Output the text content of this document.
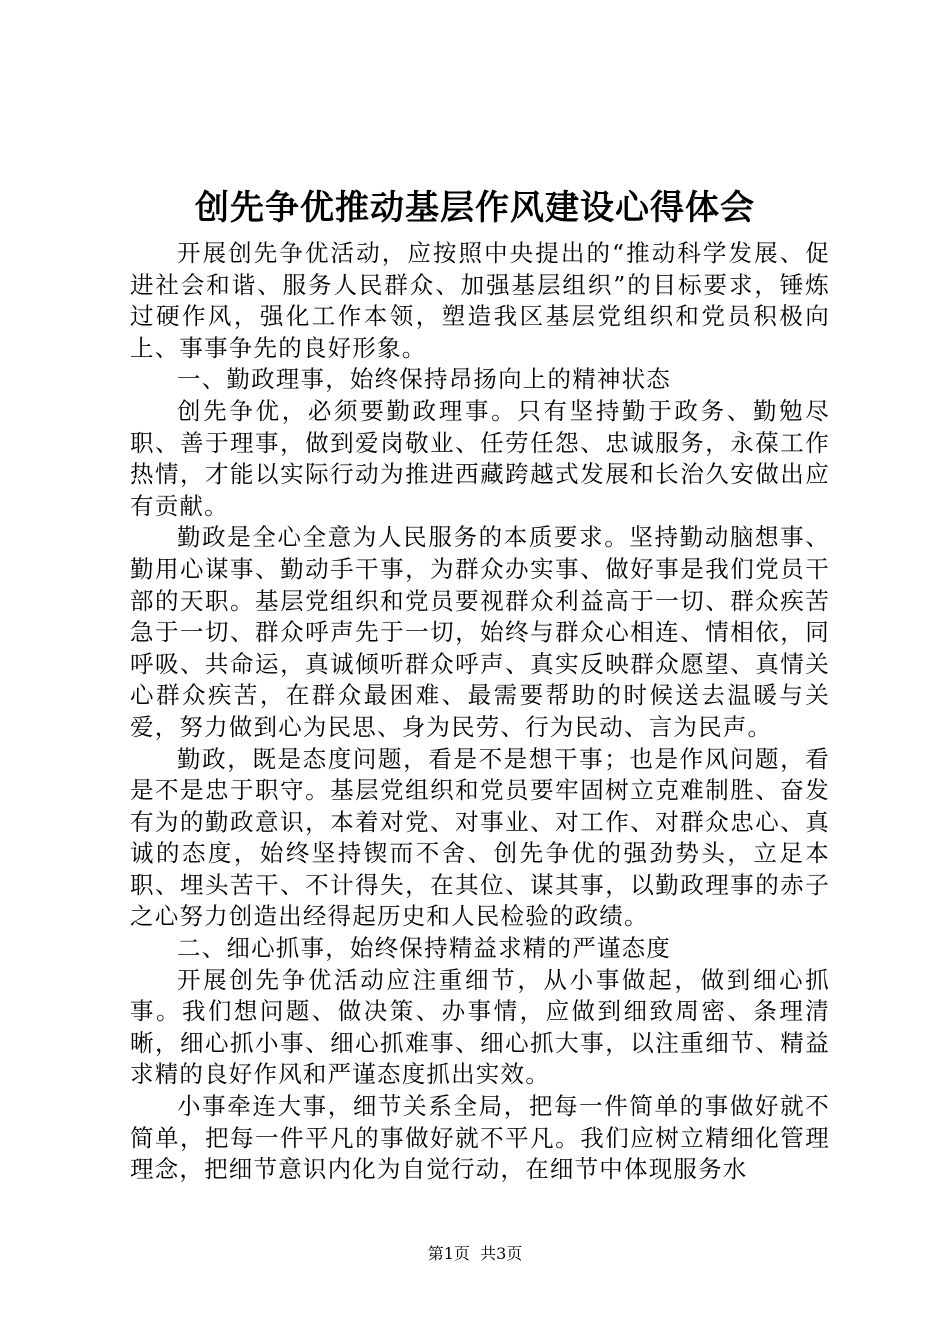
创先争优推动基层作风建设心得体会

开展创先争优活动，应按照中央提出的“推动科学发展、促进社会和谐、服务人民群众、加强基层组织”的目标要求，锤炼过硬作风，强化工作本领，塑造我区基层党组织和党员积极向上、事事争先的良好形象。

一、勤政理事，始终保持昂扬向上的精神状态

创先争优，必须要勤政理事。只有坚持勤于政务、勤勉尽职、善于理事，做到爱岗敬业、任劳任怨、忠诚服务，永葆工作热情，才能以实际行动为推进西藏跨越式发展和长治久安做出应有贡献。

勤政是全心全意为人民服务的本质要求。坚持勤动脑想事、勤用心谋事、勤动手干事，为群众办实事、做好事是我们党员干部的天职。基层党组织和党员要视群众利益高于一切、群众疾苦急于一切、群众呼声先于一切，始终与群众心相连、情相依，同呼吸、共命运，真诚倾听群众呼声、真实反映群众愿望、真情关心群众疾苦，在群众最困难、最需要帮助的时候送去温暖与关爱，努力做到心为民思、身为民劳、行为民动、言为民声。

勤政，既是态度问题，看是不是想干事；也是作风问题，看是不是忠于职守。基层党组织和党员要牢固树立克难制胜、奋发有为的勤政意识，本着对党、对事业、对工作、对群众忠心、真诚的态度，始终坚持锲而不舍、创先争优的强劲势头，立足本职、埋头苦干、不计得失，在其位、谋其事，以勤政理事的赤子之心努力创造出经得起历史和人民检验的政绩。

二、细心抓事，始终保持精益求精的严谨态度

开展创先争优活动应注重细节，从小事做起，做到细心抓事。我们想问题、做决策、办事情，应做到细致周密、条理清晰，细心抓小事、细心抓难事、细心抓大事，以注重细节、精益求精的良好作风和严谨态度抓出实效。

小事牵连大事，细节关系全局，把每一件简单的事做好就不简单，把每一件平凡的事做好就不平凡。我们应树立精细化管理理念，把细节意识内化为自觉行动，在细节中体现服务水

第1页 共3页
